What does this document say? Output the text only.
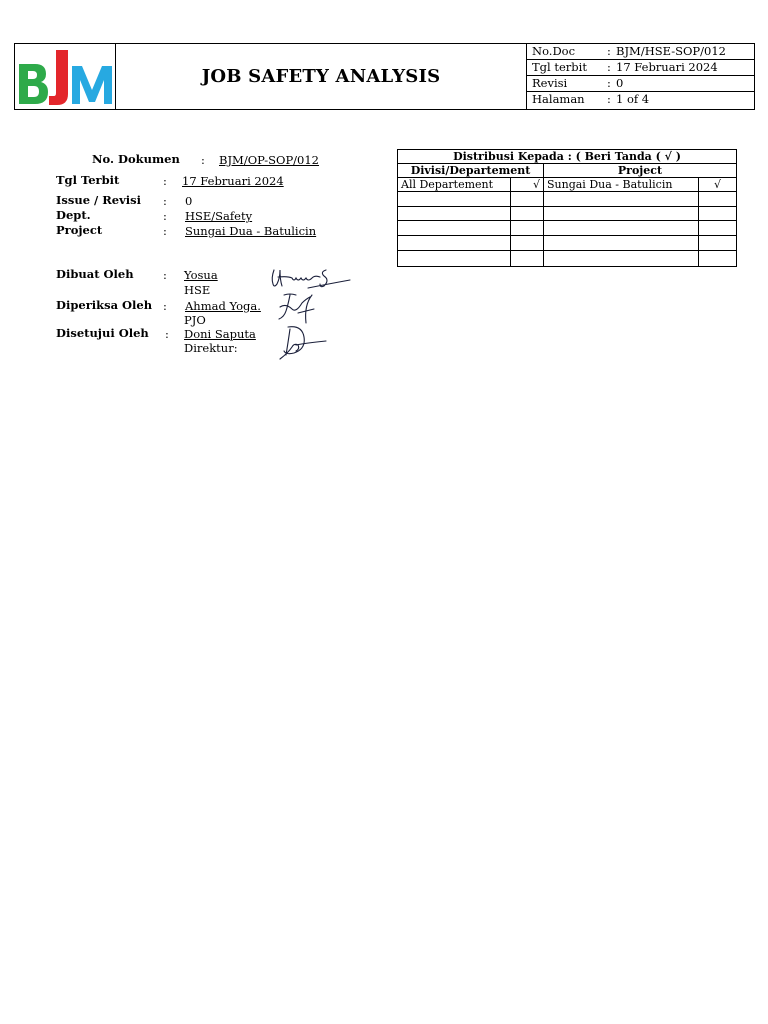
JOB SAFETY ANALYSIS
No.Doc	: BJM/HSE-SOP/012
Tgl terbit : 17 Februari 2024
Revisi	: 0
Halaman : 1 of 4
No. Dokumen : BJM/OP-SOP/012
Tgl Terbit	: 17 Februari 2024
Issue / Revisi : 0
Dept.	: HSE/Safety
Project	: Sungai Dua - Batulicin
Dibuat Oleh	: Yosua
HSE
Diperiksa Oleh : Ahmad Yoga.
PJO
Disetujui Oleh : Doni Saputa
Direktur:
Distribusi Kepada : ( Beri Tanda ( √ )			
Divisi/Departement		Project	
All Departement	√	Sungai Dua - Batulicin	√
